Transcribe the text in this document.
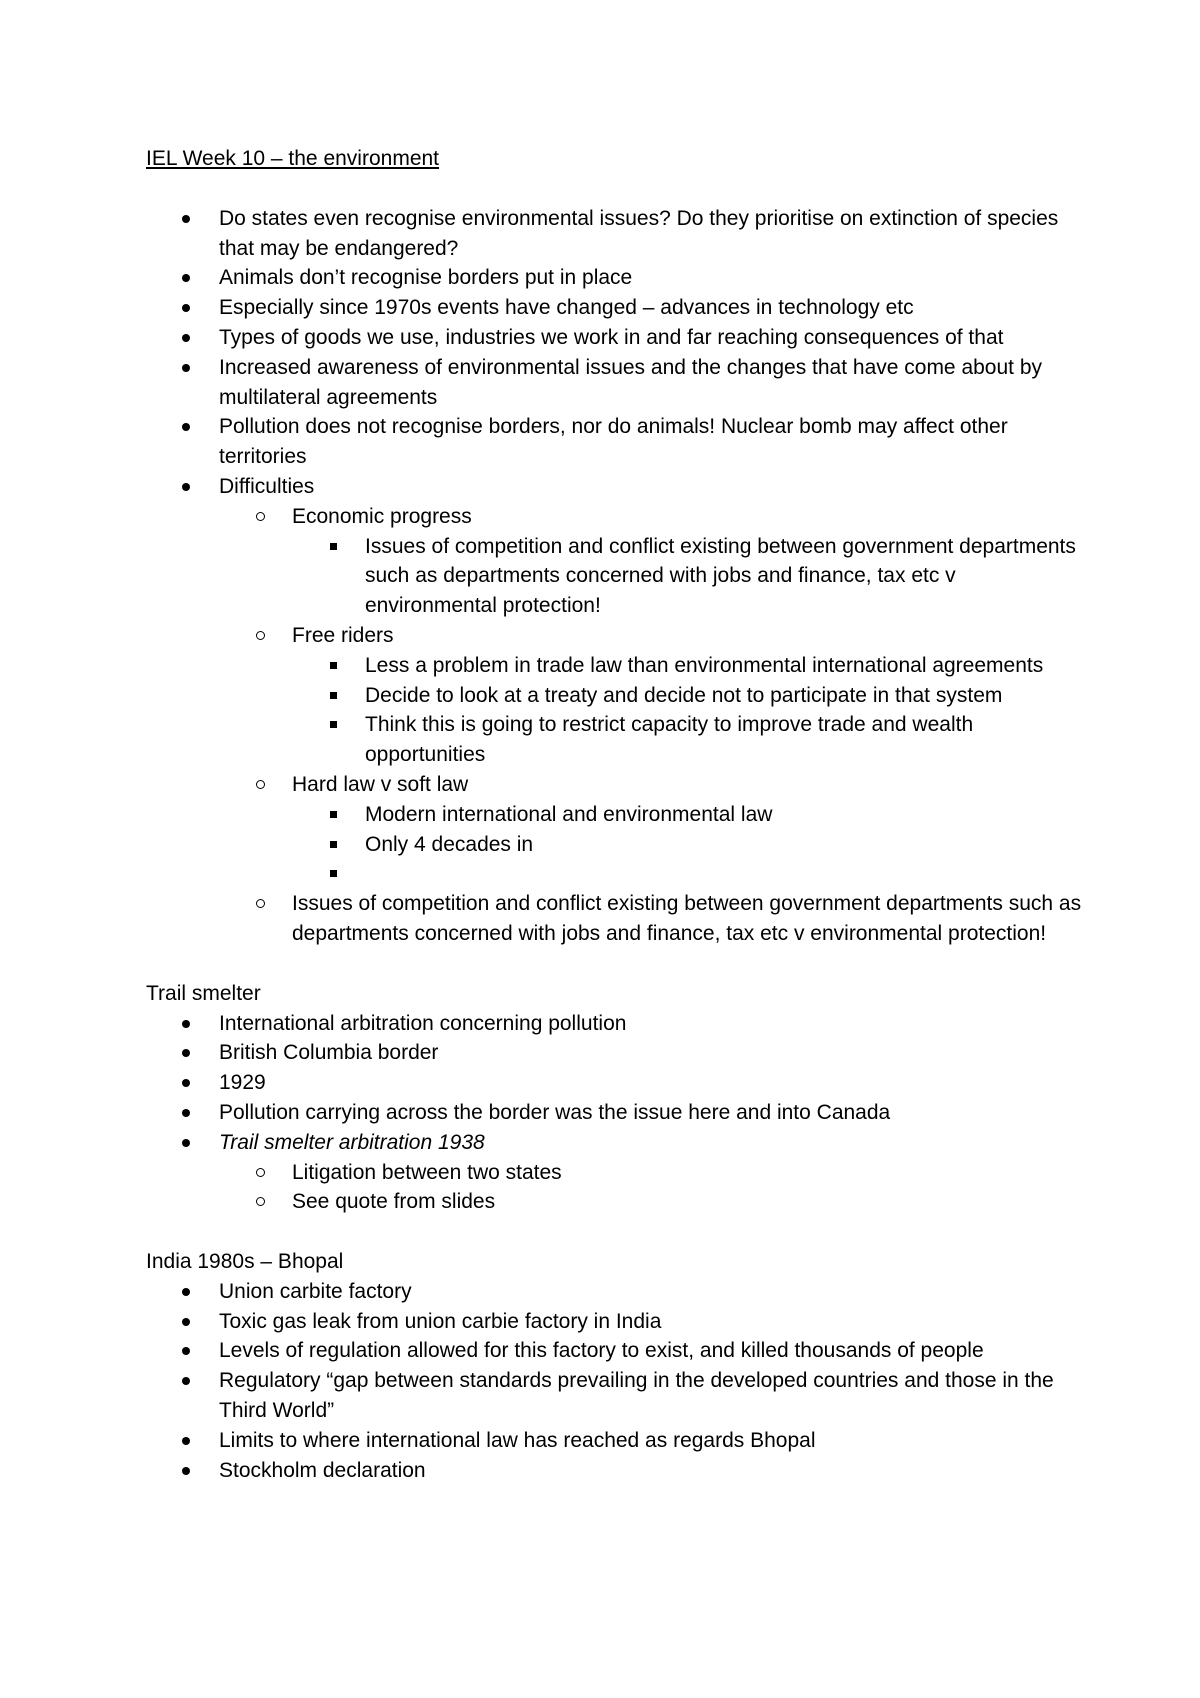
IEL Week 10 – the environment
Do states even recognise environmental issues? Do they prioritise on extinction of species that may be endangered?
Animals don’t recognise borders put in place
Especially since 1970s events have changed – advances in technology etc
Types of goods we use, industries we work in and far reaching consequences of that
Increased awareness of environmental issues and the changes that have come about by multilateral agreements
Pollution does not recognise borders, nor do animals! Nuclear bomb may affect other territories
Difficulties
Economic progress
Issues of competition and conflict existing between government departments such as departments concerned with jobs and finance, tax etc v environmental protection!
Free riders
Less a problem in trade law than environmental international agreements
Decide to look at a treaty and decide not to participate in that system
Think this is going to restrict capacity to improve trade and wealth opportunities
Hard law v soft law
Modern international and environmental law
Only 4 decades in
Issues of competition and conflict existing between government departments such as departments concerned with jobs and finance, tax etc v environmental protection!
Trail smelter
International arbitration concerning pollution
British Columbia border
1929
Pollution carrying across the border was the issue here and into Canada
Trail smelter arbitration 1938
Litigation between two states
See quote from slides
India 1980s – Bhopal
Union carbite factory
Toxic gas leak from union carbie factory in India
Levels of regulation allowed for this factory to exist, and killed thousands of people
Regulatory “gap between standards prevailing in the developed countries and those in the Third World”
Limits to where international law has reached as regards Bhopal
Stockholm declaration
